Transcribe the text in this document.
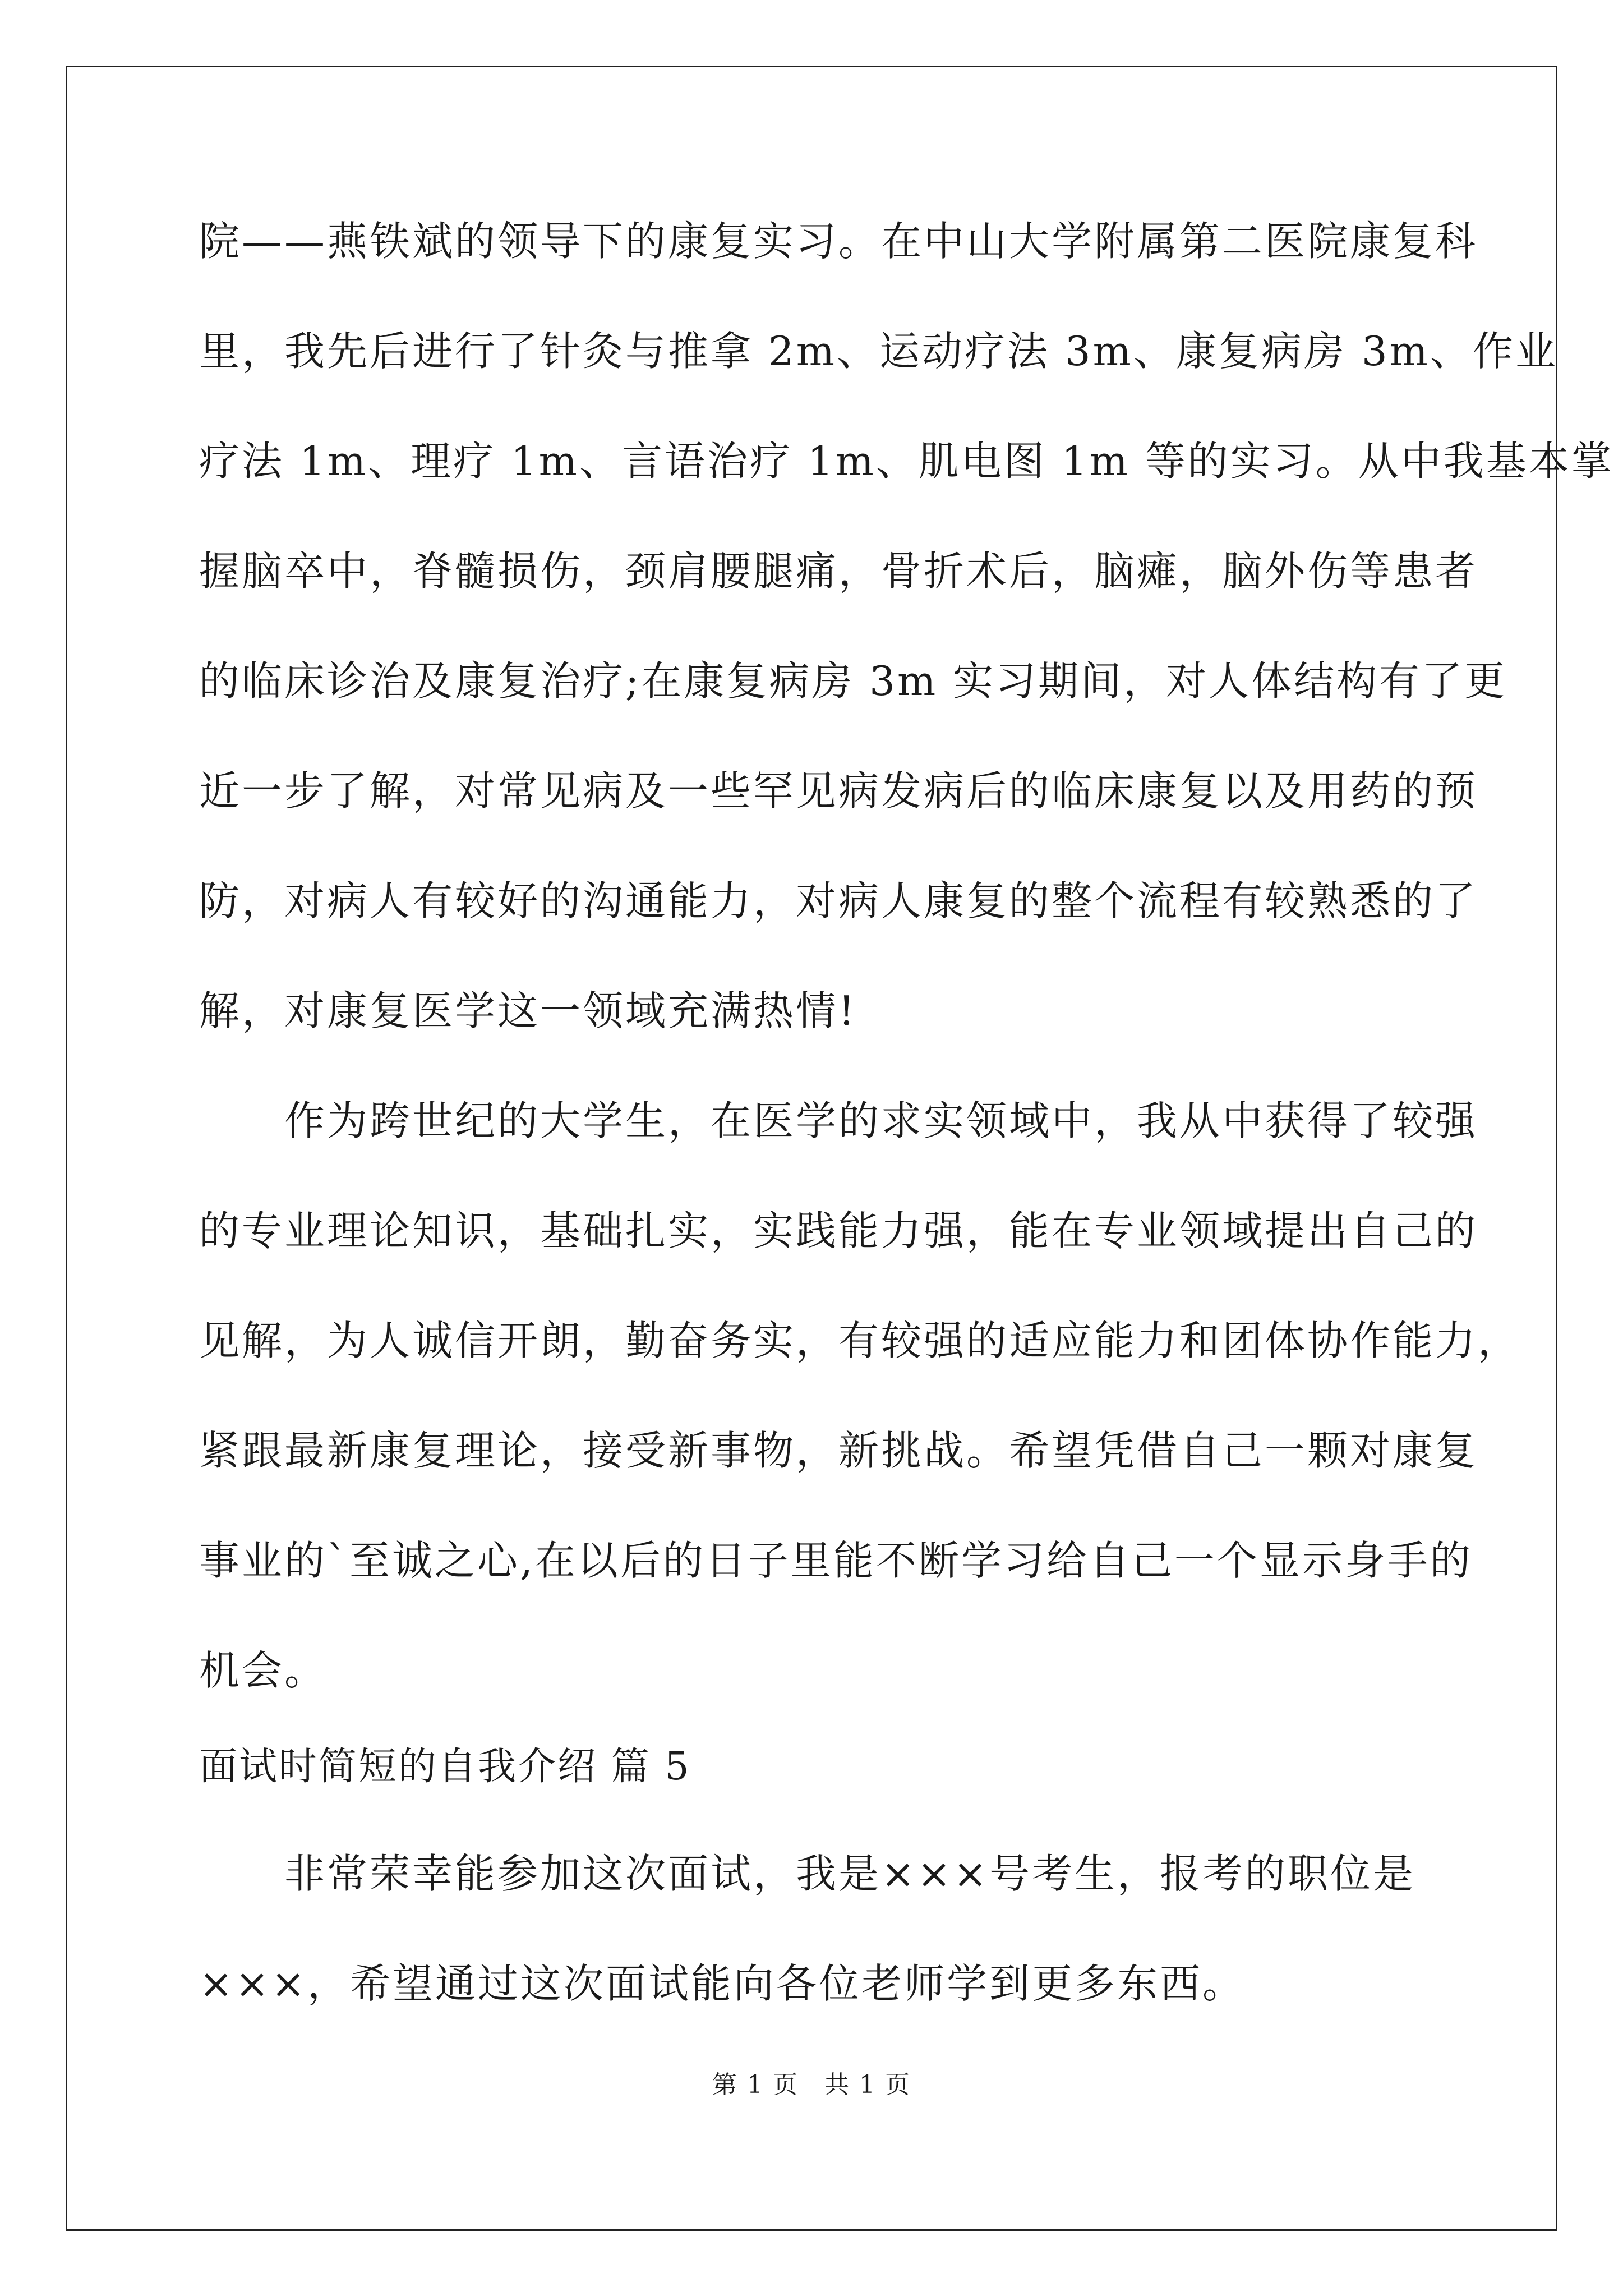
院——燕铁斌的领导下的康复实习。在中山大学附属第二医院康复科
里，我先后进行了针灸与推拿 2m、运动疗法 3m、康复病房 3m、作业
疗法 1m、理疗 1m、言语治疗 1m、肌电图 1m 等的实习。从中我基本掌
握脑卒中，脊髓损伤，颈肩腰腿痛，骨折术后，脑瘫，脑外伤等患者
的临床诊治及康复治疗;在康复病房 3m 实习期间，对人体结构有了更
近一步了解，对常见病及一些罕见病发病后的临床康复以及用药的预
防，对病人有较好的沟通能力，对病人康复的整个流程有较熟悉的了
解，对康复医学这一领域充满热情!
　　作为跨世纪的大学生，在医学的求实领域中，我从中获得了较强
的专业理论知识，基础扎实，实践能力强，能在专业领域提出自己的
见解，为人诚信开朗，勤奋务实，有较强的适应能力和团体协作能力，
紧跟最新康复理论，接受新事物，新挑战。希望凭借自己一颗对康复
事业的`至诚之心,在以后的日子里能不断学习给自己一个显示身手的
机会。
面试时简短的自我介绍 篇 5
　　非常荣幸能参加这次面试，我是×××号考生，报考的职位是
×××，希望通过这次面试能向各位老师学到更多东西。
第 1 页　共 1 页
